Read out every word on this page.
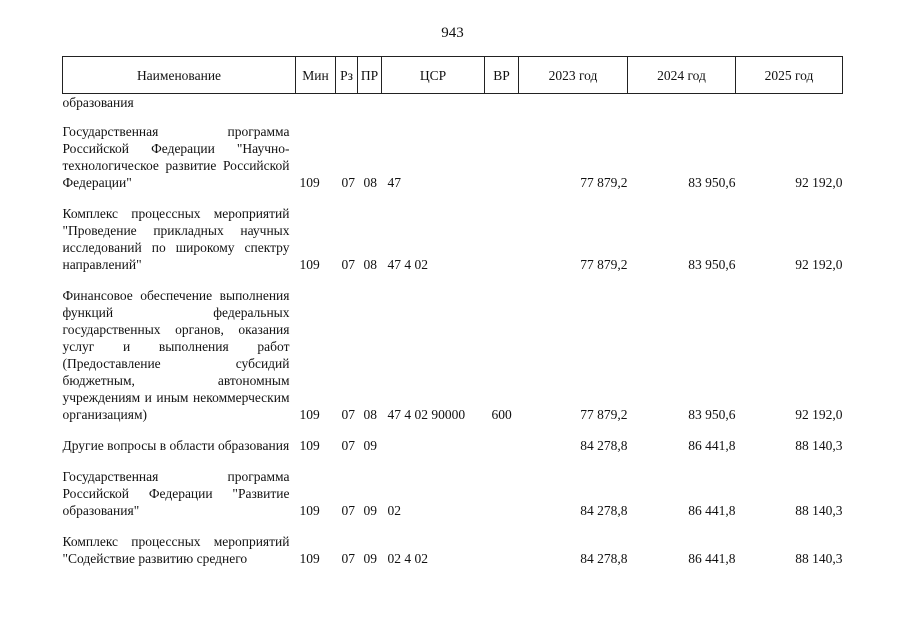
943
Наименование	Мин	Рз	ПР	ЦСР	ВР	2023 год	2024 год	2025 год
образования								
Государственная программа Российской Федерации "Научно-технологическое развитие Российской Федерации"	109	07	08	47		77 879,2	83 950,6	92 192,0
Комплекс процессных мероприятий "Проведение прикладных научных исследований по широкому спектру направлений"	109	07	08	47 4 02		77 879,2	83 950,6	92 192,0
Финансовое обеспечение выполнения функций федеральных государственных органов, оказания услуг и выполнения работ (Предоставление субсидий бюджетным, автономным учреждениям и иным некоммерческим организациям)	109	07	08	47 4 02 90000	600	77 879,2	83 950,6	92 192,0
Другие вопросы в области образования	109	07	09			84 278,8	86 441,8	88 140,3
Государственная программа Российской Федерации "Развитие образования"	109	07	09	02		84 278,8	86 441,8	88 140,3
Комплекс процессных мероприятий "Содействие развитию среднего	109	07	09	02 4 02		84 278,8	86 441,8	88 140,3
